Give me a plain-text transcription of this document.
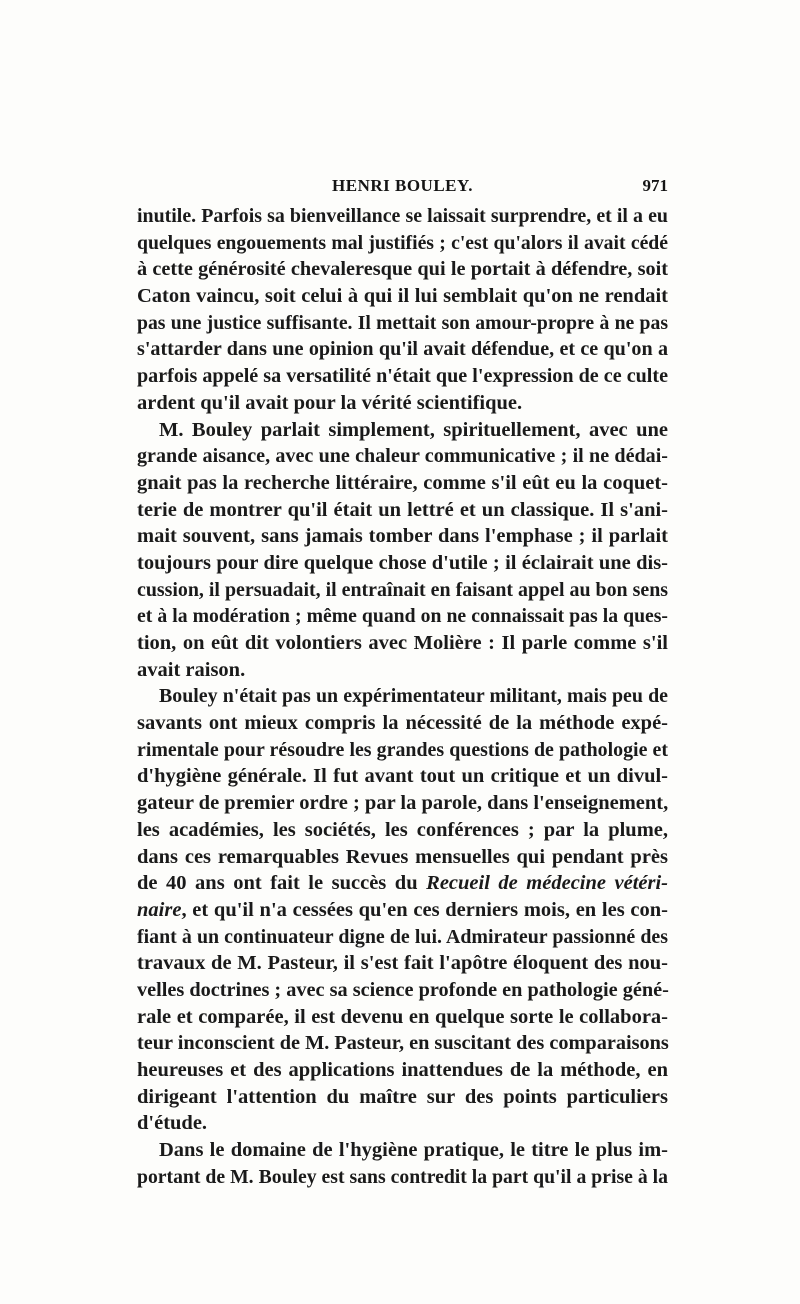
HENRI BOULEY.	971
inutile. Parfois sa bienveillance se laissait surprendre, et il a eu
quelques engouements mal justifiés ; c'est qu'alors il avait cédé
à cette générosité chevaleresque qui le portait à défendre, soit
Caton vaincu, soit celui à qui il lui semblait qu'on ne rendait
pas une justice suffisante. Il mettait son amour-propre à ne pas
s'attarder dans une opinion qu'il avait défendue, et ce qu'on a
parfois appelé sa versatilité n'était que l'expression de ce culte
ardent qu'il avait pour la vérité scientifique.
M. Bouley parlait simplement, spirituellement, avec une
grande aisance, avec une chaleur communicative ; il ne dédai-
gnait pas la recherche littéraire, comme s'il eût eu la coquet-
terie de montrer qu'il était un lettré et un classique. Il s'ani-
mait souvent, sans jamais tomber dans l'emphase ; il parlait
toujours pour dire quelque chose d'utile ; il éclairait une dis-
cussion, il persuadait, il entraînait en faisant appel au bon sens
et à la modération ; même quand on ne connaissait pas la ques-
tion, on eût dit volontiers avec Molière : Il parle comme s'il
avait raison.
Bouley n'était pas un expérimentateur militant, mais peu de
savants ont mieux compris la nécessité de la méthode expé-
rimentale pour résoudre les grandes questions de pathologie et
d'hygiène générale. Il fut avant tout un critique et un divul-
gateur de premier ordre ; par la parole, dans l'enseignement,
les académies, les sociétés, les conférences ; par la plume,
dans ces remarquables Revues mensuelles qui pendant près
de 40 ans ont fait le succès du Recueil de médecine vétéri-
naire, et qu'il n'a cessées qu'en ces derniers mois, en les con-
fiant à un continuateur digne de lui. Admirateur passionné des
travaux de M. Pasteur, il s'est fait l'apôtre éloquent des nou-
velles doctrines ; avec sa science profonde en pathologie géné-
rale et comparée, il est devenu en quelque sorte le collabora-
teur inconscient de M. Pasteur, en suscitant des comparaisons
heureuses et des applications inattendues de la méthode, en
dirigeant l'attention du maître sur des points particuliers
d'étude.
Dans le domaine de l'hygiène pratique, le titre le plus im-
portant de M. Bouley est sans contredit la part qu'il a prise à la
